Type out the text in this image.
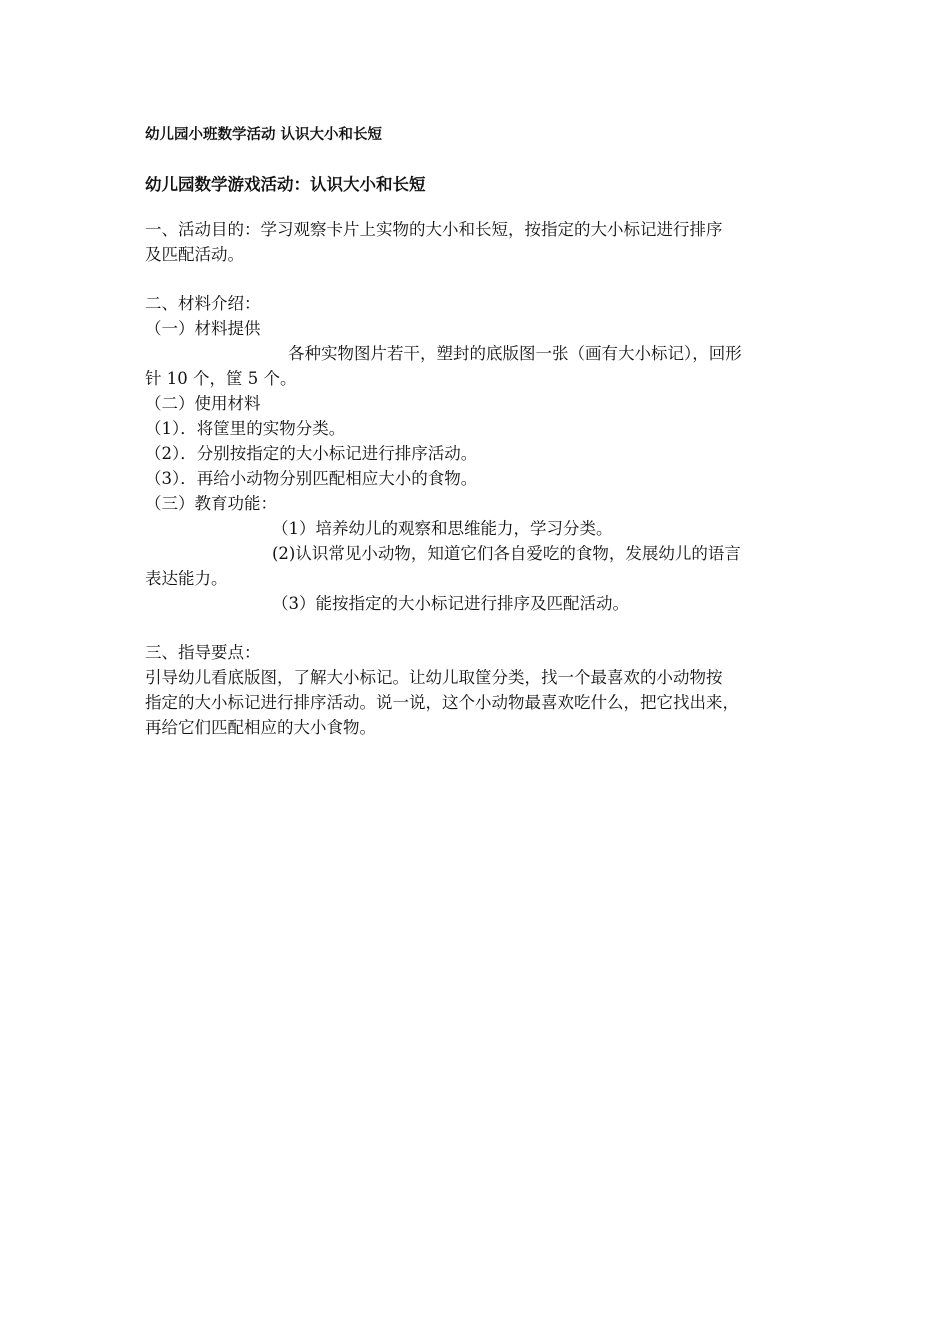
幼儿园小班数学活动 认识大小和长短
幼儿园数学游戏活动：认识大小和长短
一、活动目的：学习观察卡片上实物的大小和长短，按指定的大小标记进行排序
及匹配活动。
二、材料介绍：
（一）材料提供
各种实物图片若干，塑封的底版图一张（画有大小标记），回形
针 10 个，筐 5 个。
（二）使用材料
（1）．将筐里的实物分类。
（2）．分别按指定的大小标记进行排序活动。
（3）．再给小动物分别匹配相应大小的食物。
（三）教育功能：
（1）培养幼儿的观察和思维能力，学习分类。
(2)认识常见小动物，知道它们各自爱吃的食物，发展幼儿的语言
表达能力。
（3）能按指定的大小标记进行排序及匹配活动。
三、指导要点：
引导幼儿看底版图，了解大小标记。让幼儿取筐分类，找一个最喜欢的小动物按
指定的大小标记进行排序活动。说一说，这个小动物最喜欢吃什么，把它找出来，
再给它们匹配相应的大小食物。
